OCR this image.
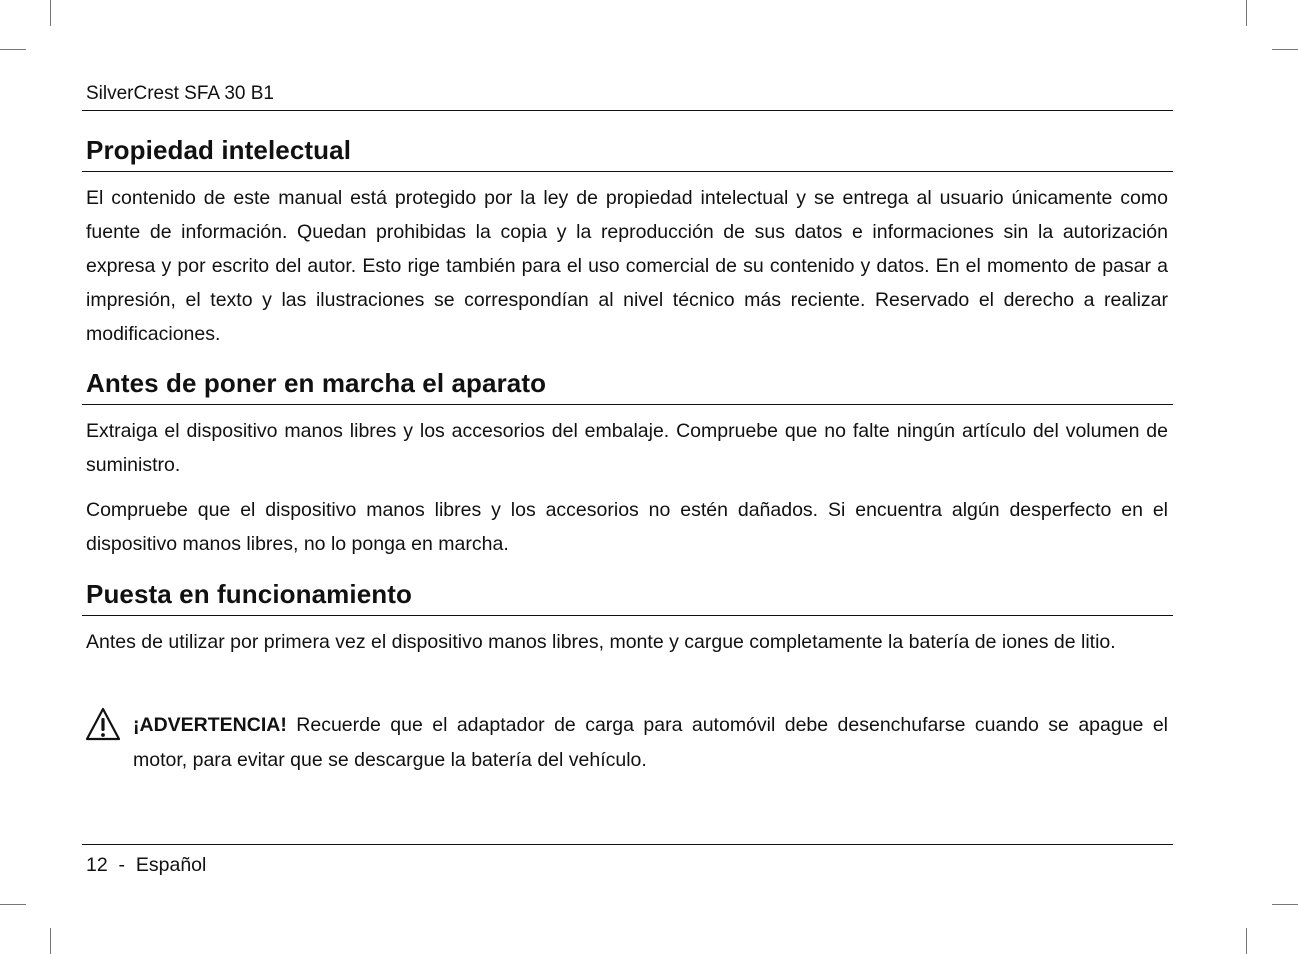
SilverCrest SFA 30 B1
Propiedad intelectual
El contenido de este manual está protegido por la ley de propiedad intelectual y se entrega al usuario únicamente como fuente de información. Quedan prohibidas la copia y la reproducción de sus datos e informaciones sin la autorización expresa y por escrito del autor. Esto rige también para el uso comercial de su contenido y datos. En el momento de pasar a impresión, el texto y las ilustraciones se correspondían al nivel técnico más reciente. Reservado el derecho a realizar modificaciones.
Antes de poner en marcha el aparato
Extraiga el dispositivo manos libres y los accesorios del embalaje. Compruebe que no falte ningún artículo del volumen de suministro.
Compruebe que el dispositivo manos libres y los accesorios no estén dañados. Si encuentra algún desperfecto en el dispositivo manos libres, no lo ponga en marcha.
Puesta en funcionamiento
Antes de utilizar por primera vez el dispositivo manos libres, monte y cargue completamente la batería de iones de litio.
¡ADVERTENCIA! Recuerde que el adaptador de carga para automóvil debe desenchufarse cuando se apague el motor, para evitar que se descargue la batería del vehículo.
12 - Español
